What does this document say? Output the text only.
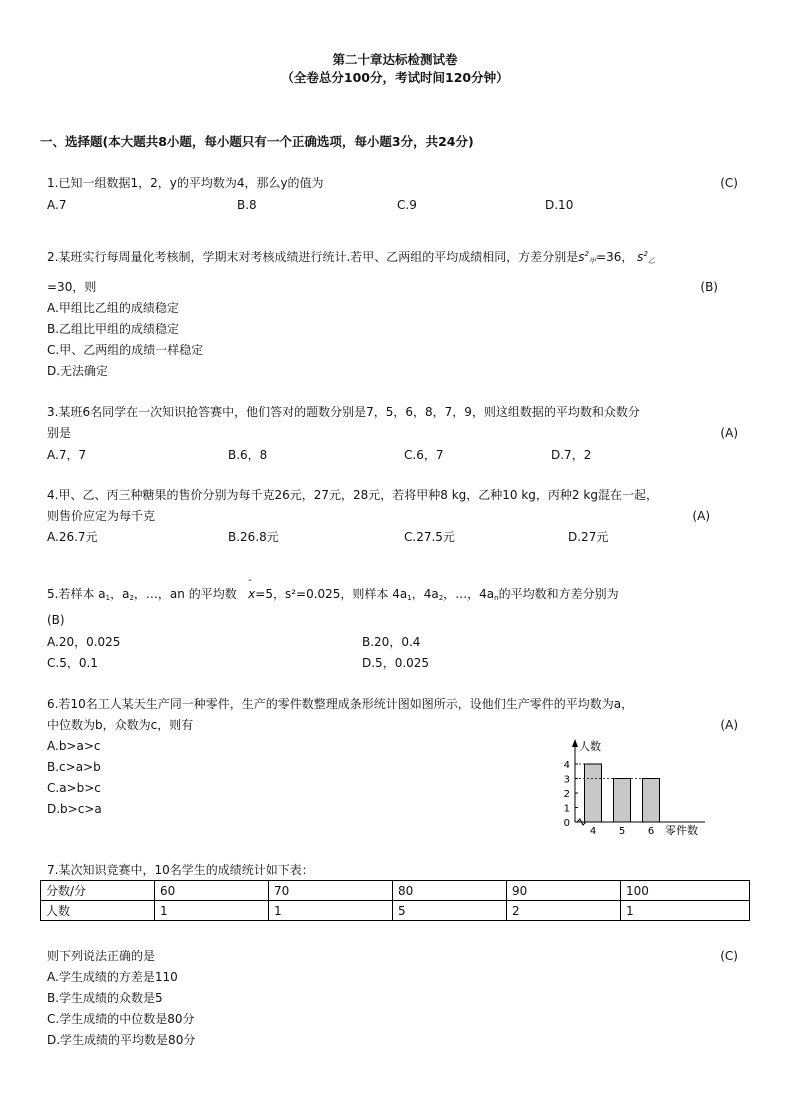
第二十章达标检测试卷
（全卷总分100分，考试时间120分钟）
一、选择题(本大题共8小题，每小题只有一个正确选项，每小题3分，共24分)
1.已知一组数据1，2，y的平均数为4，那么y的值为	(C)
A.7	B.8	C.9	D.10
2.某班实行每周量化考核制，学期末对考核成绩进行统计.若甲、乙两组的平均成绩相同，方差分别是$s^2_甲=36$， $s^2_乙$
=30，则	(B)
A.甲组比乙组的成绩稳定
B.乙组比甲组的成绩稳定
C.甲、乙两组的成绩一样稳定
D.无法确定
3.某班6名同学在一次知识抢答赛中，他们答对的题数分别是7，5，6，8，7，9，则这组数据的平均数和众数分
别是	(A)
A.7，7	B.6，8	C.6，7	D.7，2
4.甲、乙、丙三种糖果的售价分别为每千克26元，27元，28元，若将甲种8 kg，乙种10 kg，丙种2 kg混在一起，
则售价应定为每千克	(A)
A.26.7元	B.26.8元	C.27.5元	D.27元
5.若样本 $a_1$，$a_2$，…，an 的平均数
-
x=5，s²=0.025，则样本 $4a_1$，$4a_2$，…，$4a_n$的平均数和方差分别为
(B)
A.20，0.025	B.20，0.4
C.5，0.1	D.5，0.025
6.若10名工人某天生产同一种零件，生产的零件数整理成条形统计图如图所示，设他们生产零件的平均数为a，
中位数为b，众数为c，则有	(A)
A.b>a>c
B.c>a>b
C.a>b>c
D.b>c>a
人数
0
1
2
3
4
4 5 6 零件数
7.某次知识竞赛中，10名学生的成绩统计如下表：
分数/分	60	70	80	90	100
人数	1	1	5	2	1
则下列说法正确的是	(C)
A.学生成绩的方差是110
B.学生成绩的众数是5
C.学生成绩的中位数是80分
D.学生成绩的平均数是80分
